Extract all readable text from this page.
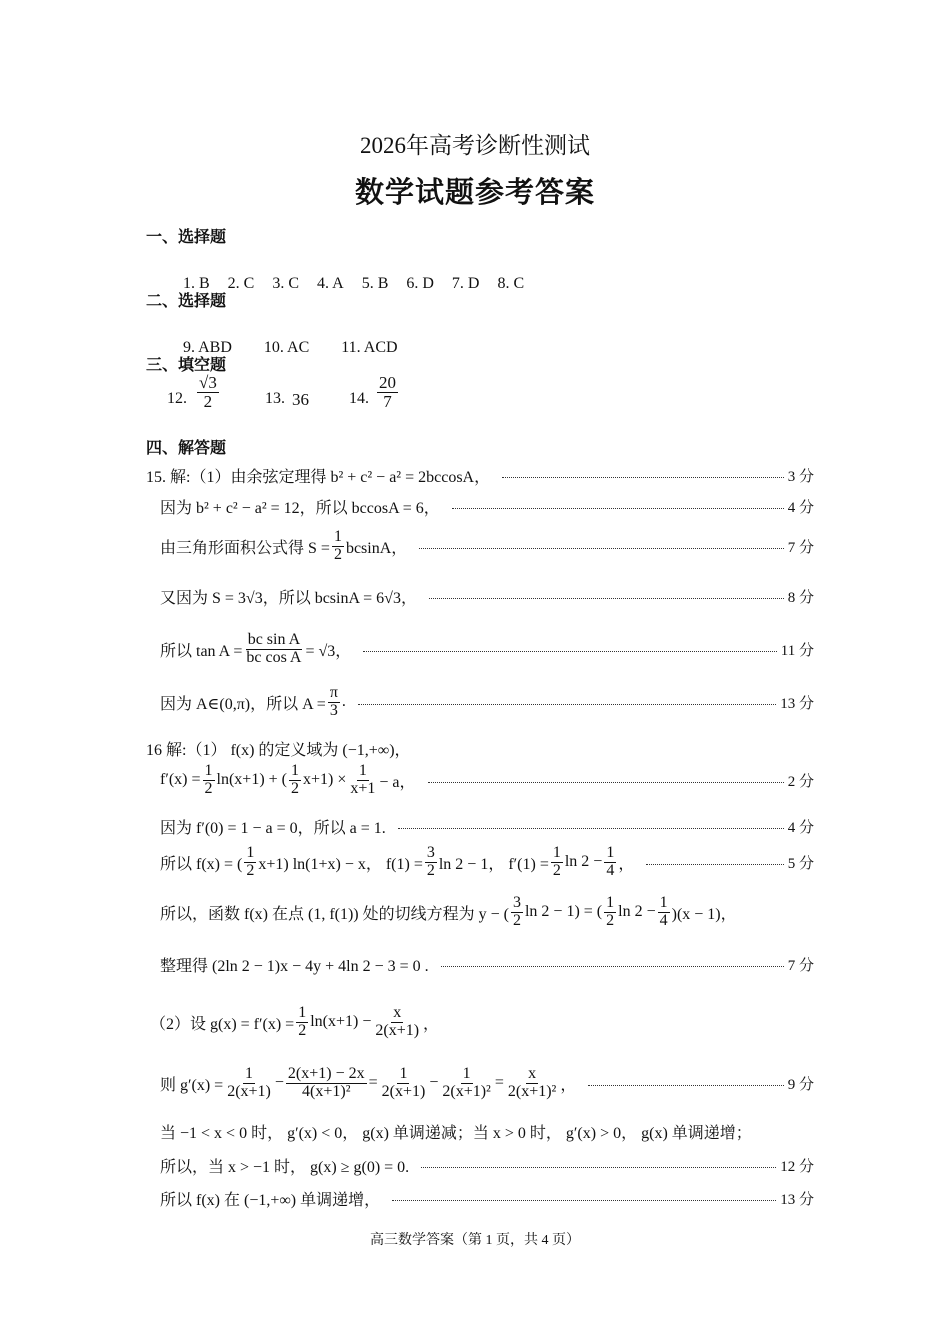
2026年高考诊断性测试
数学试题参考答案
一、选择题

1. B 2. C 3. C 4. A 5. B 6. D 7. D 8. C

二、选择题

9. ABD 10. AC 11. ACD

三、填空题
12. $\frac{√3}{2}$	13. 36	14. $\frac{20}{7}$
四、解答题
15. 解:（1）由余弦定理得 b² + c² − a² = 2bccosA，	3 分
因为 b² + c² − a² = 12，所以 bccosA = 6，	4 分
由三角形面积公式得 $S = \frac{1}{2}$ bcsinA，	7 分
又因为 S = 3√3，所以 bcsinA = 6√3，	8 分
所以 $\tan A = \frac{\text{bc sin A}}{\text{bc cos A}} = √3$，	11 分
因为 A∈(0,π)，所以 $A = \frac{\pi}{3}$ .	13 分
16 解:（1） f(x) 的定义域为 (−1,+∞)，
$f'(x) = \frac{1}{2} \ln(x+1)$ + ( $\frac{1}{2} x+1) \times \frac{1}{x+1} - a$，	2 分
因为 f′(0) = 1 − a = 0，所以 a = 1.	4 分
所以 f(x) = ( $\frac{1}{2} x+1$) ln(1+x) − x， $f(1) = \frac{3}{2}$ ln 2 − 1， $f'(1) = \frac{1}{2}$ $\ln 2 - \frac{1}{4}$ ，	5 分
所以，函数 f(x) 在点 (1, f(1)) 处的切线方程为 y − ( $\frac{3}{2}$ ln 2 − 1) = ( $\frac{1}{2}$ $\ln 2 - \frac{1}{4} )(x - 1)$，
整理得 (2ln 2 − 1)x − 4y + 4ln 2 − 3 = 0 .	7 分
（2）设 $g(x) = f'(x) = \frac{1}{2} \ln(x+1) - \frac{x}{2(x+1)}$ ，
则 $g'(x) = \frac{1}{2(x+1)} - \frac{2(x+1) - 2x}{\text{4(x+1)²}} = \frac{1}{2(x+1)} - \frac{1}{\text{2(x+1)²}} = \frac{x}{\text{2(x+1)²}}$ ，	9 分
当 −1 < x < 0 时， g′(x) < 0， g(x) 单调递减；当 x > 0 时， g′(x) > 0， g(x) 单调递增；
所以，当 x > −1 时， g(x) ≥ g(0) = 0.	12 分
所以 f(x) 在 (−1,+∞) 单调递增，	13 分
高三数学答案（第 1 页，共 4 页）
